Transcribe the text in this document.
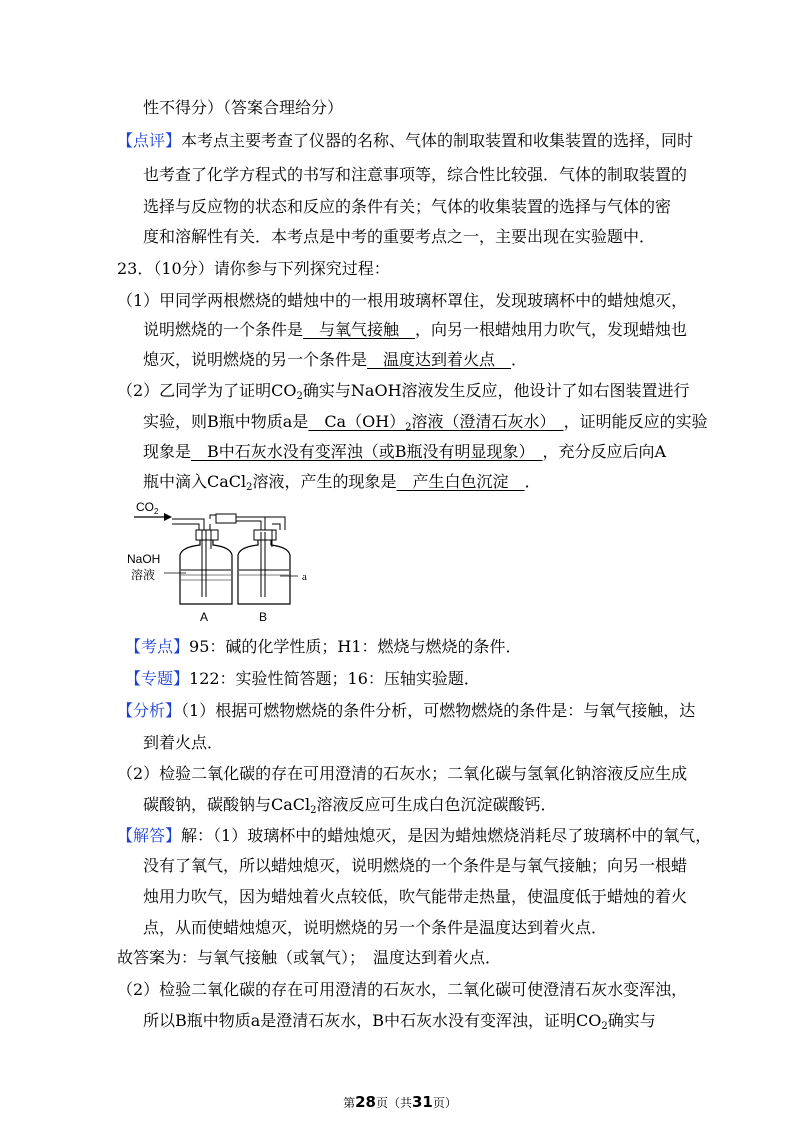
性不得分）（答案合理给分）
【点评】本考点主要考查了仪器的名称、气体的制取装置和收集装置的选择，同时
也考查了化学方程式的书写和注意事项等，综合性比较强．气体的制取装置的
选择与反应物的状态和反应的条件有关；气体的收集装置的选择与气体的密
度和溶解性有关．本考点是中考的重要考点之一，主要出现在实验题中．
23．（10分）请你参与下列探究过程：
（1）甲同学两根燃烧的蜡烛中的一根用玻璃杯罩住，发现玻璃杯中的蜡烛熄灭，
说明燃烧的一个条件是　与氧气接触　，向另一根蜡烛用力吹气，发现蜡烛也
熄灭，说明燃烧的另一个条件是　温度达到着火点　．
（2）乙同学为了证明$CO_2$确实与NaOH溶液发生反应，他设计了如右图装置进行
实验，则B瓶中物质a是　$Ca(OH)_2$溶液（澄清石灰水）　，证明能反应的实验
现象是　B中石灰水没有变浑浊（或B瓶没有明显现象）　，充分反应后向A
瓶中滴入CaCl$_2$溶液，产生的现象是　产生白色沉淀　．
$CO_2$
NaOH
溶液	a
A	B
【考点】95：碱的化学性质；H1：燃烧与燃烧的条件．
【专题】122：实验性简答题；16：压轴实验题．
【分析】（1）根据可燃物燃烧的条件分析，可燃物燃烧的条件是：与氧气接触，达
到着火点．
（2）检验二氧化碳的存在可用澄清的石灰水；二氧化碳与氢氧化钠溶液反应生成
碳酸钠，碳酸钠与CaCl$_2$溶液反应可生成白色沉淀碳酸钙．
【解答】解：（1）玻璃杯中的蜡烛熄灭，是因为蜡烛燃烧消耗尽了玻璃杯中的氧气，
没有了氧气，所以蜡烛熄灭，说明燃烧的一个条件是与氧气接触；向另一根蜡
烛用力吹气，因为蜡烛着火点较低，吹气能带走热量，使温度低于蜡烛的着火
点，从而使蜡烛熄灭，说明燃烧的另一个条件是温度达到着火点．
故答案为：与氧气接触（或氧气）；　温度达到着火点．
（2）检验二氧化碳的存在可用澄清的石灰水，二氧化碳可使澄清石灰水变浑浊，
所以B瓶中物质a是澄清石灰水，B中石灰水没有变浑浊，证明$CO_2$确实与
第28页（共31页）
